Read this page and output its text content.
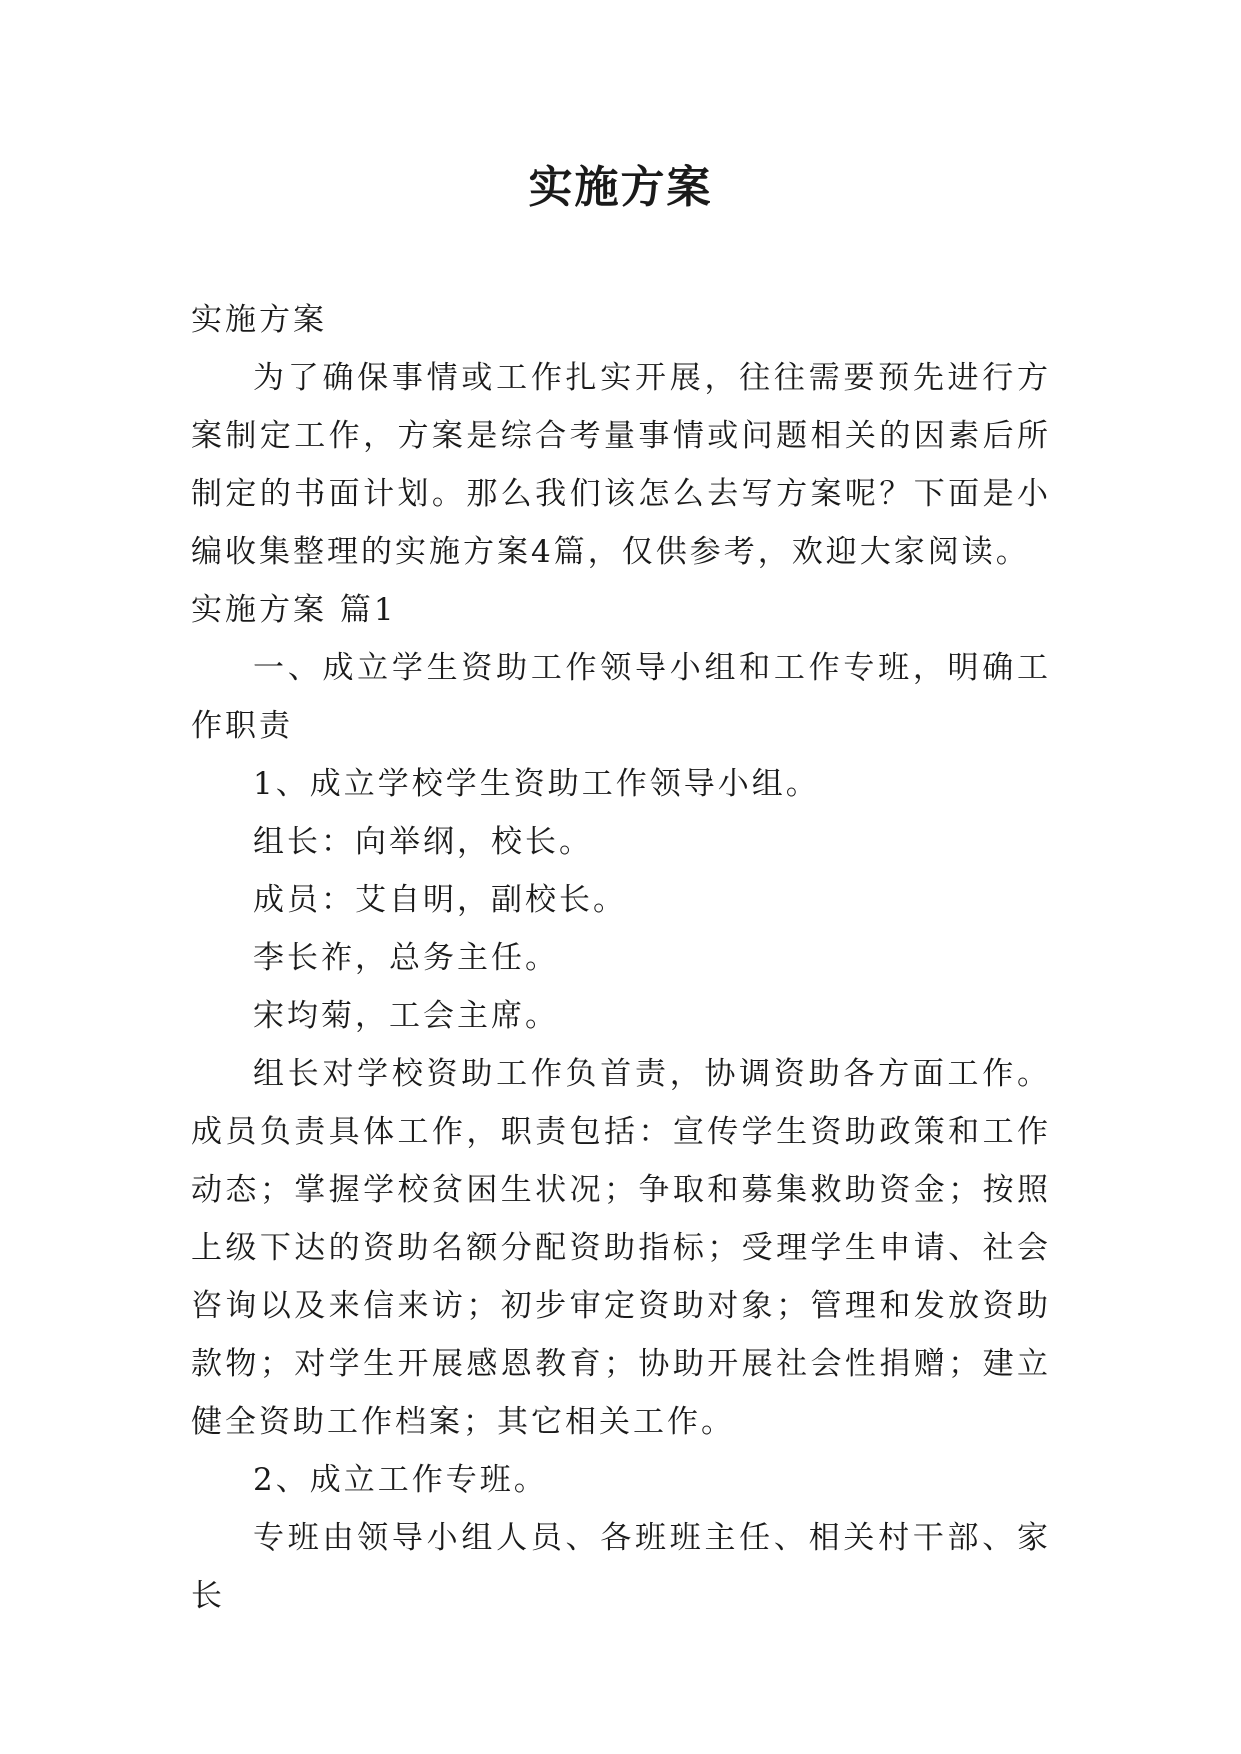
实施方案

实施方案

为了确保事情或工作扎实开展，往往需要预先进行方案制定工作，方案是综合考量事情或问题相关的因素后所制定的书面计划。那么我们该怎么去写方案呢？下面是小编收集整理的实施方案4篇，仅供参考，欢迎大家阅读。

实施方案 篇1

一、成立学生资助工作领导小组和工作专班，明确工作职责

1、成立学校学生资助工作领导小组。

组长：向举纲，校长。

成员：艾自明，副校长。

李长祚，总务主任。

宋均菊，工会主席。

组长对学校资助工作负首责，协调资助各方面工作。成员负责具体工作，职责包括：宣传学生资助政策和工作动态；掌握学校贫困生状况；争取和募集救助资金；按照上级下达的资助名额分配资助指标；受理学生申请、社会咨询以及来信来访；初步审定资助对象；管理和发放资助款物；对学生开展感恩教育；协助开展社会性捐赠；建立健全资助工作档案；其它相关工作。

2、成立工作专班。

专班由领导小组人员、各班班主任、相关村干部、家长
